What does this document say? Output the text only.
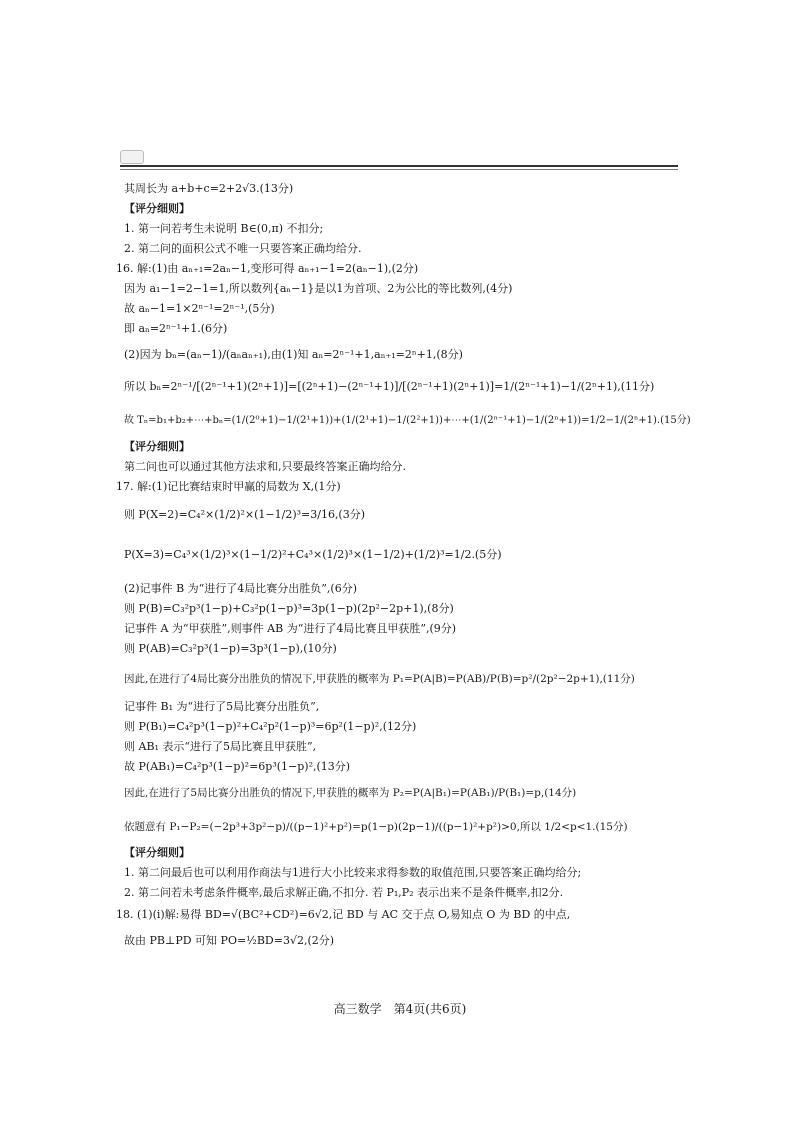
其周长为 a+b+c=2+2√3.(13分)
【评分细则】
1. 第一问若考生未说明 B∈(0,π) 不扣分;
2. 第二问的面积公式不唯一只要答案正确均给分.
16. 解:(1)由 aₙ₊₁=2aₙ−1,变形可得 aₙ₊₁−1=2(aₙ−1),(2分)
因为 a₁−1=2−1=1,所以数列{aₙ−1}是以1为首项、2为公比的等比数列,(4分)
故 aₙ−1=1×2ⁿ⁻¹=2ⁿ⁻¹,(5分)
即 aₙ=2ⁿ⁻¹+1.(6分)
(2)因为 bₙ=(aₙ−1)/(aₙaₙ₊₁),由(1)知 aₙ=2ⁿ⁻¹+1,aₙ₊₁=2ⁿ+1,(8分)
所以 bₙ=2ⁿ⁻¹/[(2ⁿ⁻¹+1)(2ⁿ+1)]=[(2ⁿ+1)−(2ⁿ⁻¹+1)]/[(2ⁿ⁻¹+1)(2ⁿ+1)]=1/(2ⁿ⁻¹+1)−1/(2ⁿ+1),(11分)
故 Tₙ=b₁+b₂+⋯+bₙ=(1/(2⁰+1)−1/(2¹+1))+(1/(2¹+1)−1/(2²+1))+⋯+(1/(2ⁿ⁻¹+1)−1/(2ⁿ+1))=1/2−1/(2ⁿ+1).(15分)
【评分细则】
第二问也可以通过其他方法求和,只要最终答案正确均给分.
17. 解:(1)记比赛结束时甲赢的局数为 X,(1分)
则 P(X=2)=C₄²×(1/2)²×(1−1/2)³=3/16,(3分)
P(X=3)=C₄³×(1/2)³×(1−1/2)²+C₄³×(1/2)³×(1−1/2)+(1/2)³=1/2.(5分)
(2)记事件 B 为“进行了4局比赛分出胜负”,(6分)
则 P(B)=C₃²p³(1−p)+C₃²p(1−p)³=3p(1−p)(2p²−2p+1),(8分)
记事件 A 为“甲获胜”,则事件 AB 为“进行了4局比赛且甲获胜”,(9分)
则 P(AB)=C₃²p³(1−p)=3p³(1−p),(10分)
因此,在进行了4局比赛分出胜负的情况下,甲获胜的概率为 P₁=P(A|B)=P(AB)/P(B)=p²/(2p²−2p+1),(11分)
记事件 B₁ 为“进行了5局比赛分出胜负”,
则 P(B₁)=C₄²p³(1−p)²+C₄²p²(1−p)³=6p²(1−p)²,(12分)
则 AB₁ 表示“进行了5局比赛且甲获胜”,
故 P(AB₁)=C₄²p³(1−p)²=6p³(1−p)²,(13分)
因此,在进行了5局比赛分出胜负的情况下,甲获胜的概率为 P₂=P(A|B₁)=P(AB₁)/P(B₁)=p,(14分)
依题意有 P₁−P₂=(−2p³+3p²−p)/((p−1)²+p²)=p(1−p)(2p−1)/((p−1)²+p²)>0,所以 1/2<p<1.(15分)
【评分细则】
1. 第二问最后也可以利用作商法与1进行大小比较来求得参数的取值范围,只要答案正确均给分;
2. 第二问若未考虑条件概率,最后求解正确,不扣分. 若 P₁,P₂ 表示出来不是条件概率,扣2分.
18. (1)(i)解:易得 BD=√(BC²+CD²)=6√2,记 BD 与 AC 交于点 O,易知点 O 为 BD 的中点,
故由 PB⊥PD 可知 PO=½BD=3√2,(2分)
高三数学　第4页(共6页)
